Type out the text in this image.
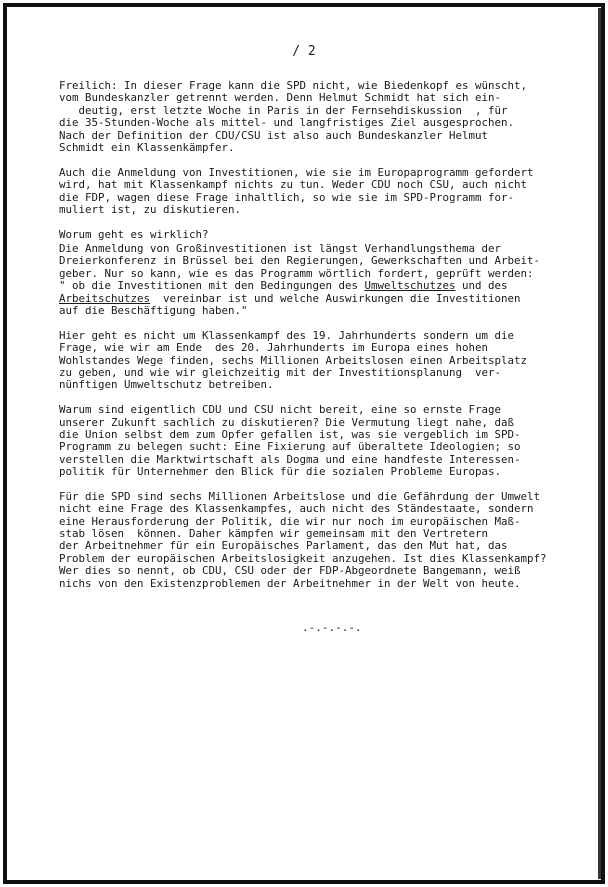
/ 2
Freilich: In dieser Frage kann die SPD nicht, wie Biedenkopf es wünscht,
vom Bundeskanzler getrennt werden. Denn Helmut Schmidt hat sich ein-
deutig, erst letzte Woche in Paris in der Fernsehdiskussion  , für
die 35-Stunden-Woche als mittel- und langfristiges Ziel ausgesprochen.
Nach der Definition der CDU/CSU ist also auch Bundeskanzler Helmut
Schmidt ein Klassenkämpfer.
Auch die Anmeldung von Investitionen, wie sie im Europaprogramm gefordert
wird, hat mit Klassenkampf nichts zu tun. Weder CDU noch CSU, auch nicht
die FDP, wagen diese Frage inhaltlich, so wie sie im SPD-Programm for-
muliert ist, zu diskutieren.
Worum geht es wirklich?
Die Anmeldung von Großinvestitionen ist längst Verhandlungsthema der
Dreierkonferenz in Brüssel bei den Regierungen, Gewerkschaften und Arbeit-
geber. Nur so kann, wie es das Programm wörtlich fordert, geprüft werden:
" ob die Investitionen mit den Bedingungen des Umweltschutzes und des
Arbeitschutzes  vereinbar ist und welche Auswirkungen die Investitionen
auf die Beschäftigung haben."
Hier geht es nicht um Klassenkampf des 19. Jahrhunderts sondern um die
Frage, wie wir am Ende  des 20. Jahrhunderts im Europa eines hohen
Wohlstandes Wege finden, sechs Millionen Arbeitslosen einen Arbeitsplatz
zu geben, und wie wir gleichzeitig mit der Investitionsplanung  ver-
nünftigen Umweltschutz betreiben.
Warum sind eigentlich CDU und CSU nicht bereit, eine so ernste Frage
unserer Zukunft sachlich zu diskutieren? Die Vermutung liegt nahe, daß
die Union selbst dem zum Opfer gefallen ist, was sie vergeblich im SPD-
Programm zu belegen sucht: Eine Fixierung auf überaltete Ideologien; so
verstellen die Marktwirtschaft als Dogma und eine handfeste Interessen-
politik für Unternehmer den Blick für die sozialen Probleme Europas.
Für die SPD sind sechs Millionen Arbeitslose und die Gefährdung der Umwelt
nicht eine Frage des Klassenkampfes, auch nicht des Ständestaate, sondern
eine Herausforderung der Politik, die wir nur noch im europäischen Maß-
stab lösen  können. Daher kämpfen wir gemeinsam mit den Vertretern
der Arbeitnehmer für ein Europäisches Parlament, das den Mut hat, das
Problem der europäischen Arbeitslosigkeit anzugehen. Ist dies Klassenkampf?
Wer dies so nennt, ob CDU, CSU oder der FDP-Abgeordnete Bangemann, weiß
nichs von den Existenzproblemen der Arbeitnehmer in der Welt von heute.
.-.-.-.-.
